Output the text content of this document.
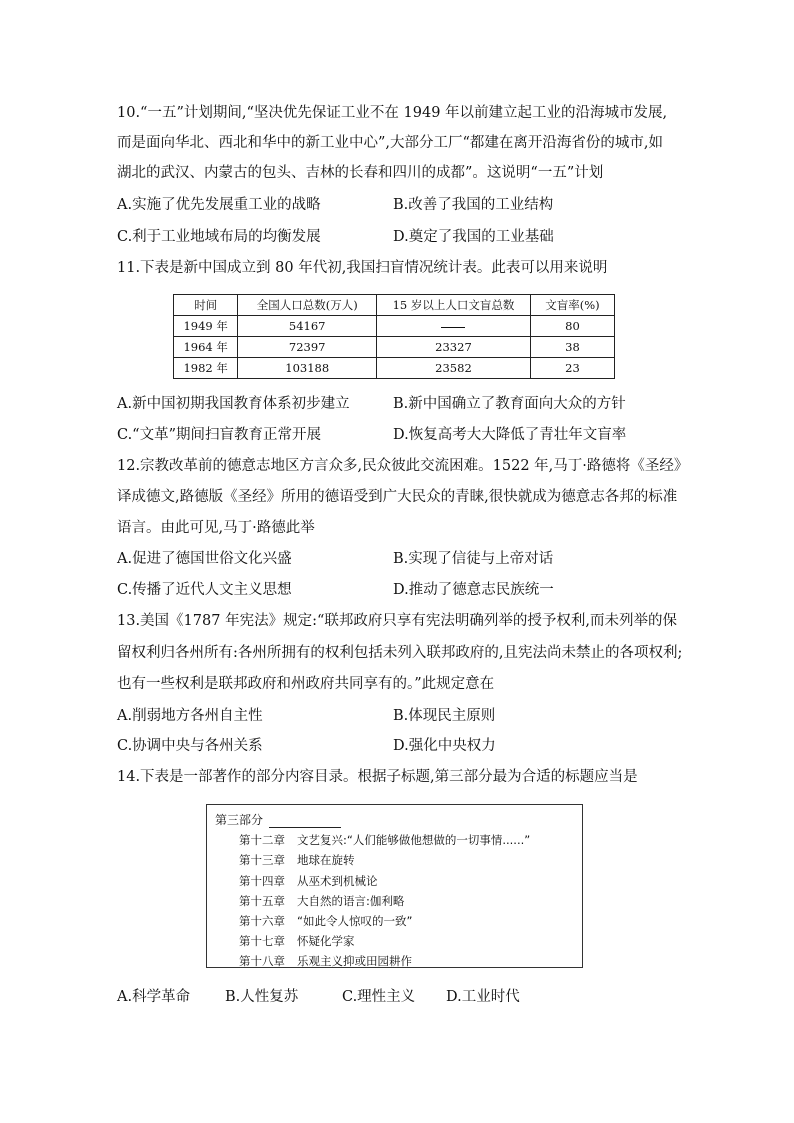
10.“一五”计划期间,“坚决优先保证工业不在 1949 年以前建立起工业的沿海城市发展,
而是面向华北、西北和华中的新工业中心”,大部分工厂“都建在离开沿海省份的城市,如
湖北的武汉、内蒙古的包头、吉林的长春和四川的成都”。这说明“一五”计划
A.实施了优先发展重工业的战略	B.改善了我国的工业结构
C.利于工业地域布局的均衡发展	D.奠定了我国的工业基础
11.下表是新中国成立到 80 年代初,我国扫盲情况统计表。此表可以用来说明
时间	全国人口总数(万人)	15 岁以上人口文盲总数	文盲率(%)
1949 年	54167		80
1964 年	72397	23327	38
1982 年	103188	23582	23
A.新中国初期我国教育体系初步建立	B.新中国确立了教育面向大众的方针
C.“文革”期间扫盲教育正常开展	D.恢复高考大大降低了青壮年文盲率
12.宗教改革前的德意志地区方言众多,民众彼此交流困难。1522 年,马丁·路德将《圣经》
译成德文,路德版《圣经》所用的德语受到广大民众的青睐,很快就成为德意志各邦的标准
语言。由此可见,马丁·路德此举
A.促进了德国世俗文化兴盛	B.实现了信徒与上帝对话
C.传播了近代人文主义思想	D.推动了德意志民族统一
13.美国《1787 年宪法》规定:“联邦政府只享有宪法明确列举的授予权利,而未列举的保
留权利归各州所有:各州所拥有的权利包括未列入联邦政府的,且宪法尚未禁止的各项权利;
也有一些权利是联邦政府和州政府共同享有的。”此规定意在
A.削弱地方各州自主性	B.体现民主原则
C.协调中央与各州关系	D.强化中央权力
14.下表是一部著作的部分内容目录。根据子标题,第三部分最为合适的标题应当是
第三部分
第十二章 文艺复兴:“人们能够做他想做的一切事情......”
第十三章 地球在旋转
第十四章 从巫术到机械论
第十五章 大自然的语言:伽利略
第十六章 “如此令人惊叹的一致”
第十七章 怀疑化学家
第十八章 乐观主义抑或田园耕作
A.科学革命 B.人性复苏	C.理性主义 D.工业时代
